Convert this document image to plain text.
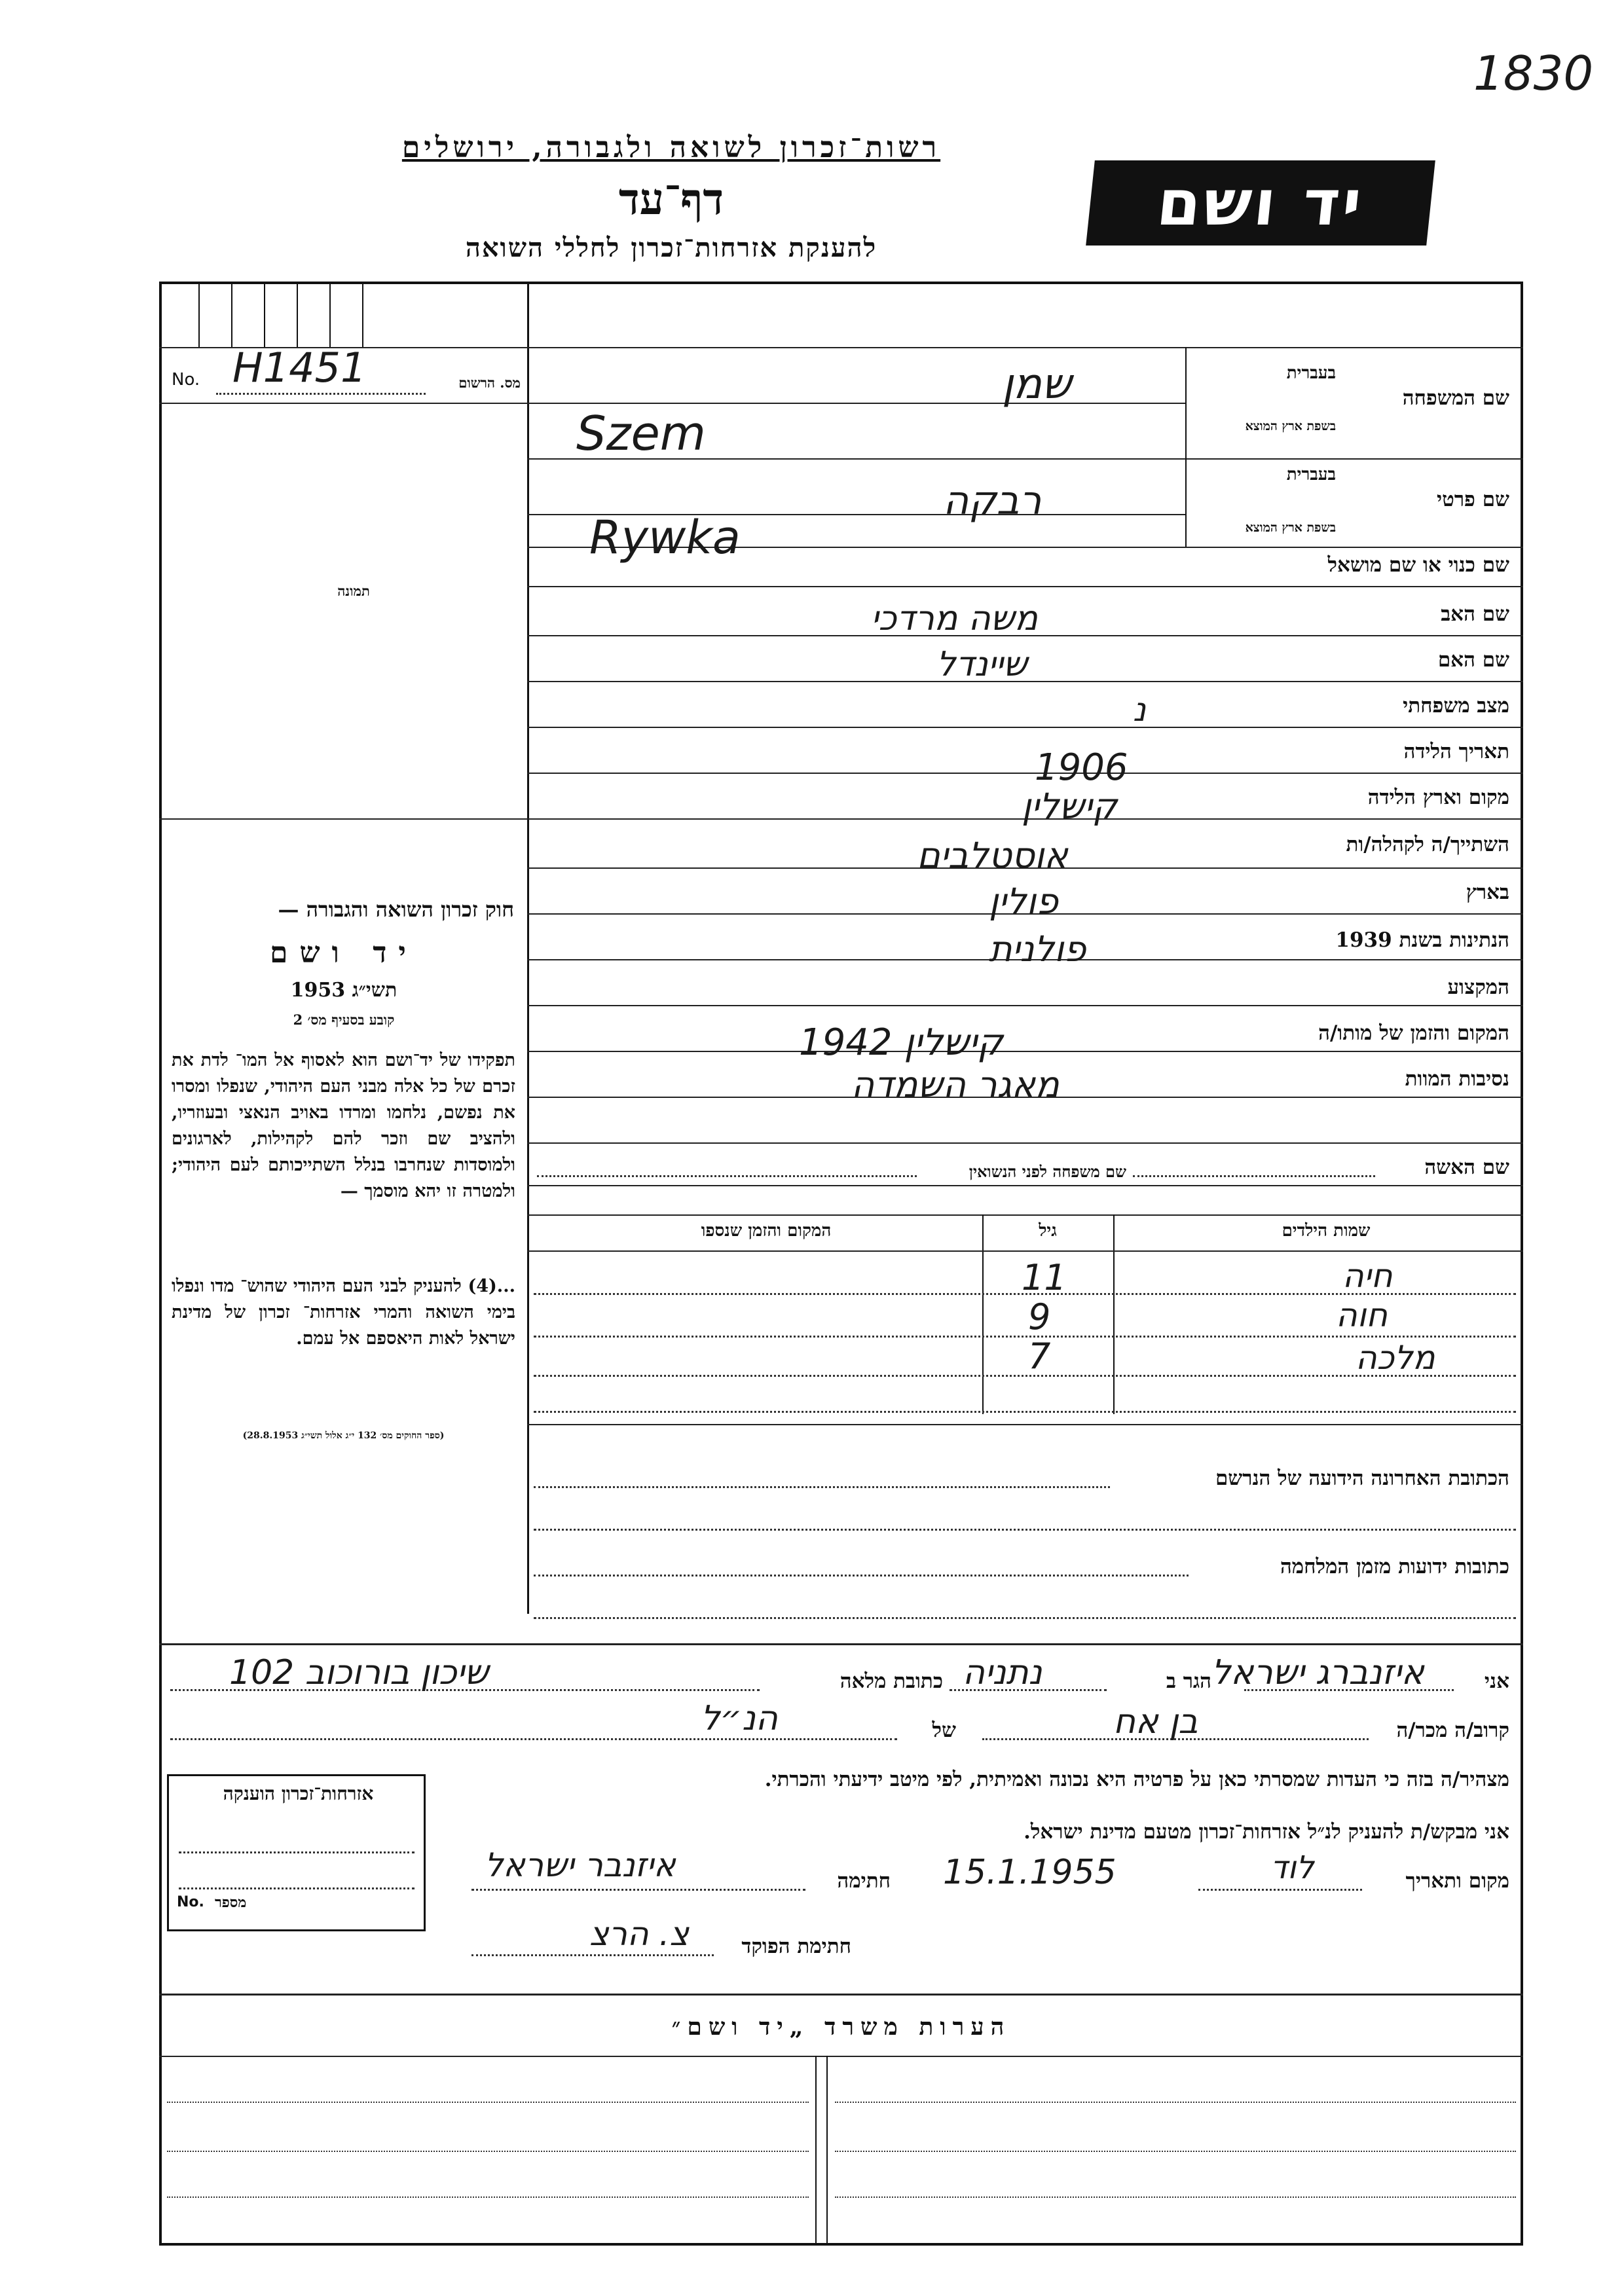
1830
רשות־זכרון לשואה ולגבורה, ירושלים
דף־עד
להענקת אזרחות־זכרון לחללי השואה
יד ושם
No. H1451	מס. הרשום
תמונה
חוק זכרון השואה והגבורה —
יד ושם
תשי״ג 1953
קובע בסעיף מס׳ 2
תפקידו של יד־ושם הוא לאסוף אל המו־ לדת את זכרם של כל אלה מבני העם היהודי, שנפלו ומסרו את נפשם, נלחמו ומרדו באויב הנאצי ובעוזריו, ולהציב שם וזכר להם לקהילות, לארגונים ולמוסדות שנחרבו בנלל השתייכותם לעם היהודי; ולמטרה זו יהא מוסמך —
...(4) להעניק לבני העם היהודי שהוש־ מדו ונפלו בימי השואה והמרי אזרחות־ זכרון של מדינת ישראל לאות היאספם אל עמם.
(ספר החוקים מס׳ 132 י״ג אלול תשי״ג 28.8.1953)
שם המשפחה
בעברית
בשפת ארץ המוצא
שמן
Szem
שם פרטי
בעברית
בשפת ארץ המוצא
רבקה
Rywka
שם כנוי או שם מושאל
שם האב
משה מרדכי
שם האם
שיינדל
מצב משפחתי
נ
תאריך הלידה
1906
מקום וארץ הלידה
קישלין
השתייך/ה לקהלה/ות
אוסטלבים
בארץ
פולין
הנתינות בשנת 1939
פולנית
המקצוע
המקום והזמן של מותו/ה
קישלין 1942
נסיבות המוות
מאגר השמדה
שם האשה
שם משפחה לפני הנשואין
שמות הילדים
גיל
המקום והזמן שנספו
חיה
11
חוה
9
מלכה
7
הכתובת האחרונה הידועה של הנרשם
כתובות ידועות מזמן המלחמה
אני
איזנברג ישראל
הגר ב
נתניה
כתובת מלאה
שיכון בורוכוב 102
קרוב/ה מכר/ה
בן אח
של
הנ״ל
מצהיר/ה בזה כי העדות שמסרתי כאן על פרטיה היא נכונה ואמיתית, לפי מיטב ידיעתי והכרתי.
אני מבקש/ת להעניק לנ״ל אזרחות־זכרון מטעם מדינת ישראל.
מקום ותאריך
לוד
15.1.1955
חתימה
איזנבר ישראל
חתימת הפוקד
צ. הרצ
אזרחות־זכרון הוענקה
No. מספר
הערות משרד „יד ושם״
